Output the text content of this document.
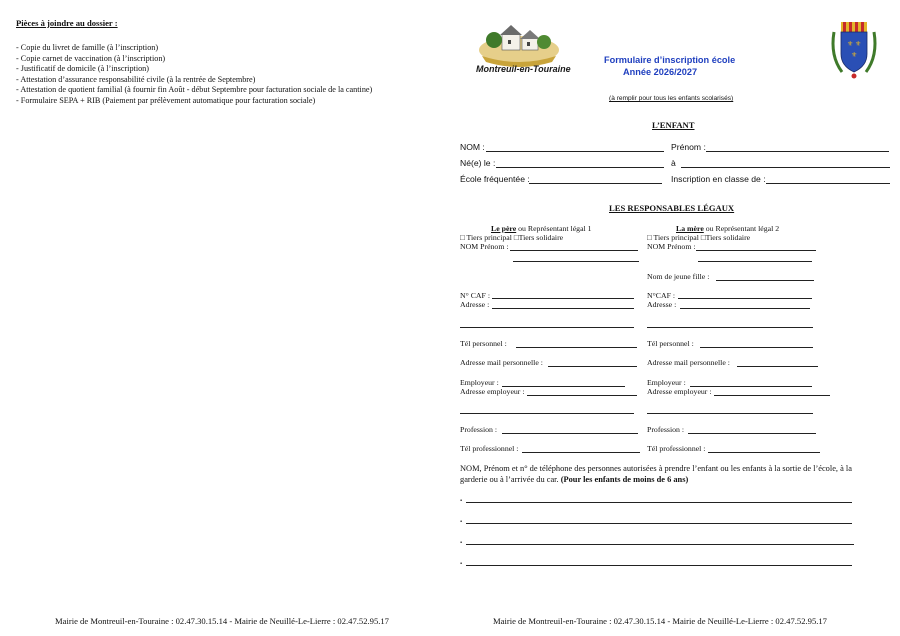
Pièces à joindre au dossier :
- Copie du livret de famille (à l’inscription)
- Copie carnet de vaccination (à l’inscription)
- Justificatif de domicile (à l’inscription)
- Attestation d’assurance responsabilité civile (à la rentrée de Septembre)
- Attestation de quotient familial (à fournir fin Août - début Septembre pour facturation sociale de la cantine)
- Formulaire SEPA + RIB (Paiement par prélèvement automatique pour facturation sociale)
Mairie de Montreuil-en-Touraine : 02.47.30.15.14 - Mairie de Neuillé-Le-Lierre : 02.47.52.95.17
Montreuil-en-Touraine
Formulaire d’inscription école
Année 2026/2027
⚜ ⚜
⚜
(à remplir pour tous les enfants scolarisés)
L’ENFANT
NOM :	Prénom :
Né(e) le :	à
École fréquentée :	Inscription en classe de :
LES RESPONSABLES LÉGAUX
Le père ou Représentant légal 1
□ Tiers principal □Tiers solidaire
NOM Prénom :
N° CAF :
Adresse :
Tél personnel :
Adresse mail personnelle :
Employeur :
Adresse employeur :
Profession :
Tél professionnel :
La mère ou Représentant légal 2
□ Tiers principal □Tiers solidaire
NOM Prénom :
Nom de jeune fille :
N°CAF :
Adresse :
Tél personnel :
Adresse mail personnelle :
Employeur :
Adresse employeur :
Profession :
Tél professionnel :
NOM, Prénom et n° de téléphone des personnes autorisées à prendre l’enfant ou les enfants à la sortie de l’école, à la
garderie ou à l’arrivée du car. (Pour les enfants de moins de 6 ans)
.
.
.
.
Mairie de Montreuil-en-Touraine : 02.47.30.15.14 - Mairie de Neuillé-Le-Lierre : 02.47.52.95.17
